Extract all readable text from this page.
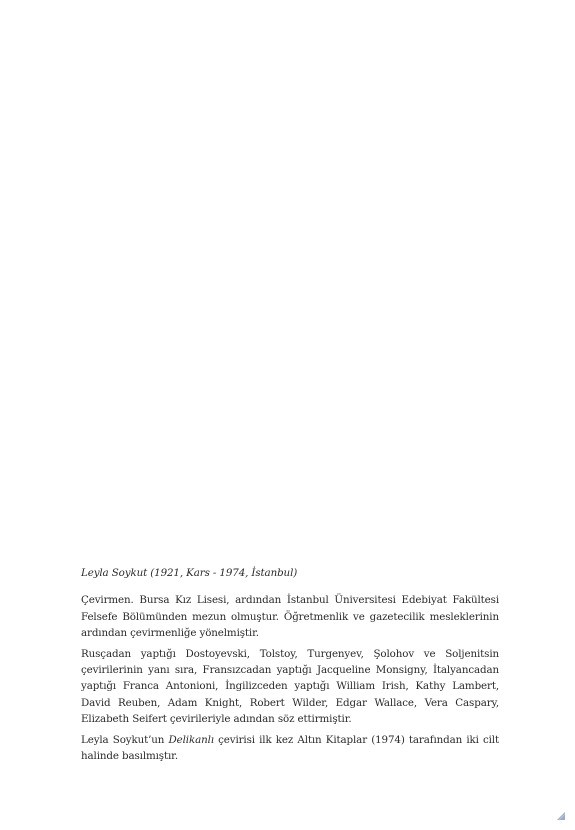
Leyla Soykut (1921, Kars - 1974, İstanbul)

Çevirmen. Bursa Kız Lisesi, ardından İstanbul Üniversitesi Edebiyat Fakültesi Felsefe Bölümünden mezun olmuştur. Öğretmenlik ve gazetecilik mesleklerinin ardından çevirmenliğe yönelmiştir.

Rusçadan yaptığı Dostoyevski, Tolstoy, Turgenyev, Şolohov ve Soljenitsin çevirilerinin yanı sıra, Fransızcadan yaptığı Jacqueline Monsigny, İtalyancadan yaptığı Franca Antonioni, İngilizceden yaptığı William Irish, Kathy Lambert, David Reuben, Adam Knight, Robert Wilder, Edgar Wallace, Vera Caspary, Elizabeth Seifert çevirileriyle adından söz ettirmiştir.

Leyla Soykut’un Delikanlı çevirisi ilk kez Altın Kitaplar (1974) tarafından iki cilt halinde basılmıştır.
